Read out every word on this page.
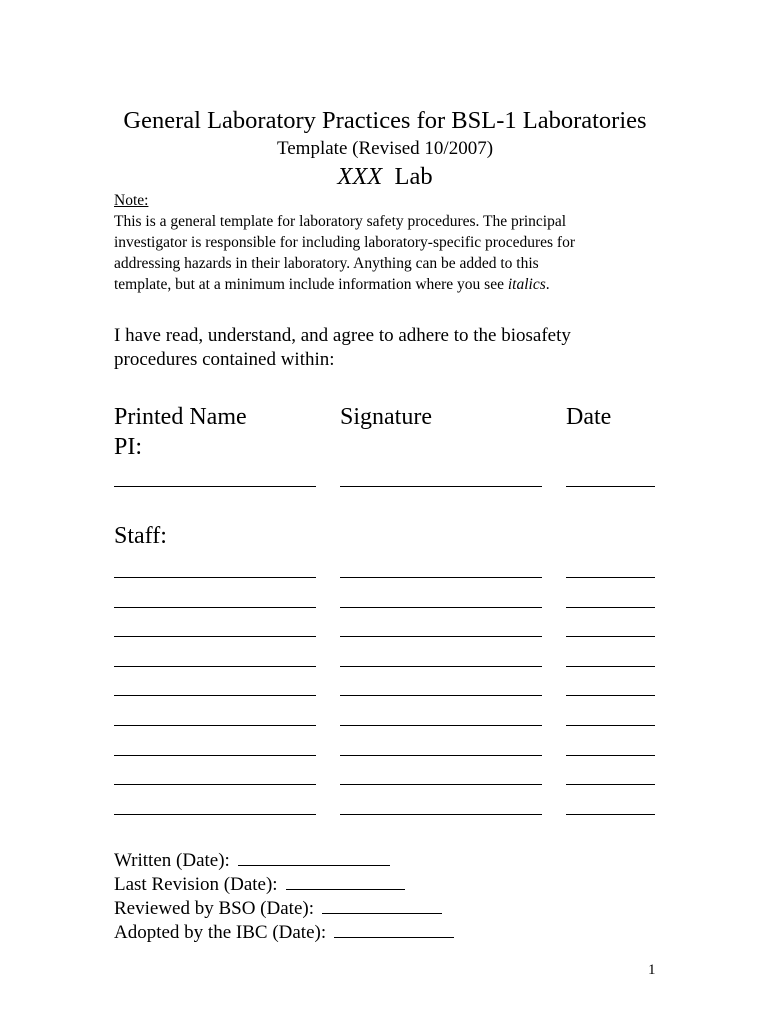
General Laboratory Practices for BSL-1 Laboratories
Template (Revised 10/2007)
XXX Lab
Note:
This is a general template for laboratory safety procedures. The principal
investigator is responsible for including laboratory-specific procedures for
addressing hazards in their laboratory. Anything can be added to this
template, but at a minimum include information where you see italics.
I have read, understand, and agree to adhere to the biosafety
procedures contained within:
Printed Name	Signature	Date
PI:
Staff:
Written (Date):
Last Revision (Date):
Reviewed by BSO (Date):
Adopted by the IBC (Date):
1
